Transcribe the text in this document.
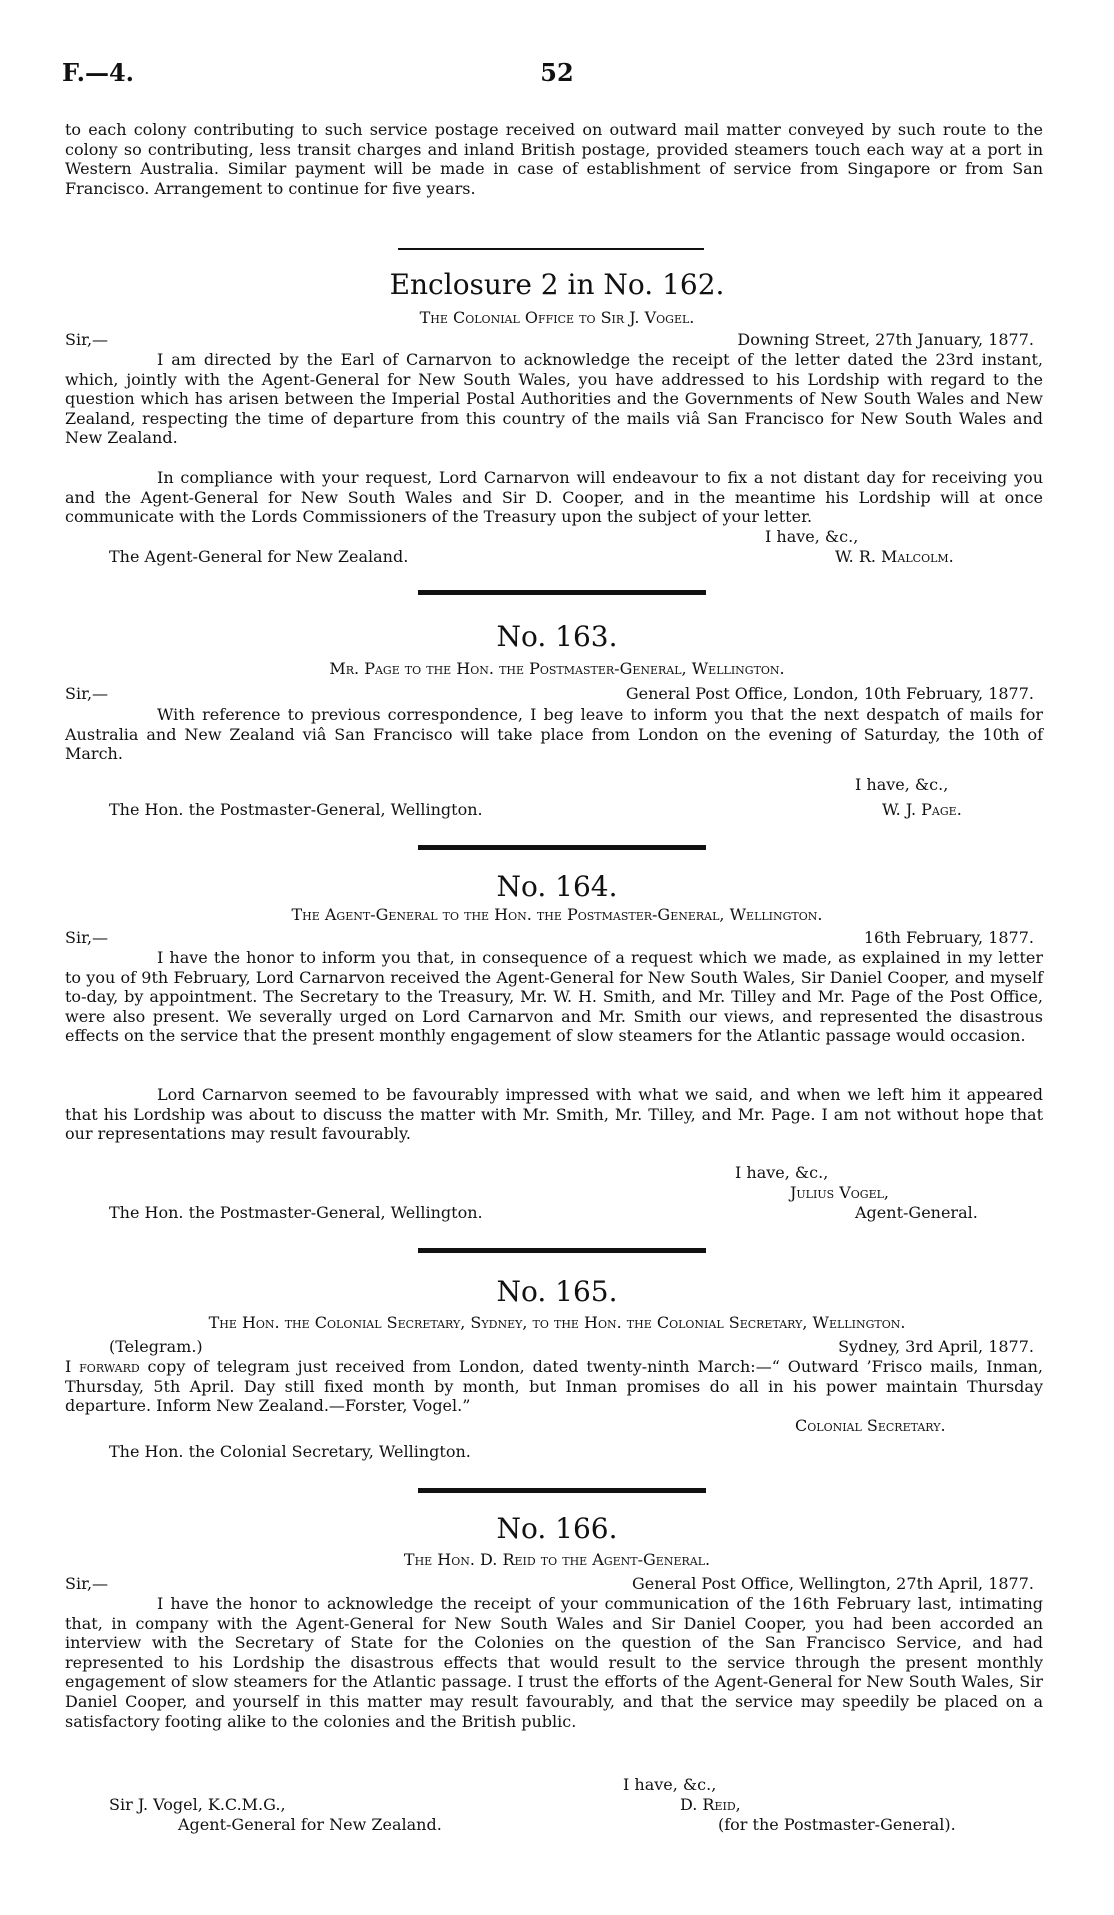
F.—4.	52
to each colony contributing to such service postage received on outward mail matter conveyed by such route to the colony so contributing, less transit charges and inland British postage, provided steamers touch each way at a port in Western Australia. Similar payment will be made in case of establishment of service from Singapore or from San Francisco. Arrangement to continue for five years.
Enclosure 2 in No. 162.
The Colonial Office to Sir J. Vogel.
Sir,—	Downing Street, 27th January, 1877.
I am directed by the Earl of Carnarvon to acknowledge the receipt of the letter dated the 23rd instant, which, jointly with the Agent-General for New South Wales, you have addressed to his Lordship with regard to the question which has arisen between the Imperial Postal Authorities and the Governments of New South Wales and New Zealand, respecting the time of departure from this country of the mails viâ San Francisco for New South Wales and New Zealand.
In compliance with your request, Lord Carnarvon will endeavour to fix a not distant day for receiving you and the Agent-General for New South Wales and Sir D. Cooper, and in the meantime his Lordship will at once communicate with the Lords Commissioners of the Treasury upon the subject of your letter.
I have, &c.,
The Agent-General for New Zealand.	W. R. Malcolm.
No. 163.
Mr. Page to the Hon. the Postmaster-General, Wellington.
Sir,—	General Post Office, London, 10th February, 1877.
With reference to previous correspondence, I beg leave to inform you that the next despatch of mails for Australia and New Zealand viâ San Francisco will take place from London on the evening of Saturday, the 10th of March.
I have, &c.,
The Hon. the Postmaster-General, Wellington.	W. J. Page.
No. 164.
The Agent-General to the Hon. the Postmaster-General, Wellington.
Sir,—	16th February, 1877.
I have the honor to inform you that, in consequence of a request which we made, as explained in my letter to you of 9th February, Lord Carnarvon received the Agent-General for New South Wales, Sir Daniel Cooper, and myself to-day, by appointment. The Secretary to the Treasury, Mr. W. H. Smith, and Mr. Tilley and Mr. Page of the Post Office, were also present. We severally urged on Lord Carnarvon and Mr. Smith our views, and represented the disastrous effects on the service that the present monthly engagement of slow steamers for the Atlantic passage would occasion.
Lord Carnarvon seemed to be favourably impressed with what we said, and when we left him it appeared that his Lordship was about to discuss the matter with Mr. Smith, Mr. Tilley, and Mr. Page. I am not without hope that our representations may result favourably.
I have, &c.,
Julius Vogel,
The Hon. the Postmaster-General, Wellington.	Agent-General.
No. 165.
The Hon. the Colonial Secretary, Sydney, to the Hon. the Colonial Secretary, Wellington.
(Telegram.)	Sydney, 3rd April, 1877.
I forward copy of telegram just received from London, dated twenty-ninth March:—“ Outward ’Frisco mails, Inman, Thursday, 5th April. Day still fixed month by month, but Inman promises do all in his power maintain Thursday departure. Inform New Zealand.—Forster, Vogel.”
Colonial Secretary.
The Hon. the Colonial Secretary, Wellington.
No. 166.
The Hon. D. Reid to the Agent-General.
Sir,—	General Post Office, Wellington, 27th April, 1877.
I have the honor to acknowledge the receipt of your communication of the 16th February last, intimating that, in company with the Agent-General for New South Wales and Sir Daniel Cooper, you had been accorded an interview with the Secretary of State for the Colonies on the question of the San Francisco Service, and had represented to his Lordship the disastrous effects that would result to the service through the present monthly engagement of slow steamers for the Atlantic passage. I trust the efforts of the Agent-General for New South Wales, Sir Daniel Cooper, and yourself in this matter may result favourably, and that the service may speedily be placed on a satisfactory footing alike to the colonies and the British public.
I have, &c.,
Sir J. Vogel, K.C.M.G.,	D. Reid,
Agent-General for New Zealand.	(for the Postmaster-General).
